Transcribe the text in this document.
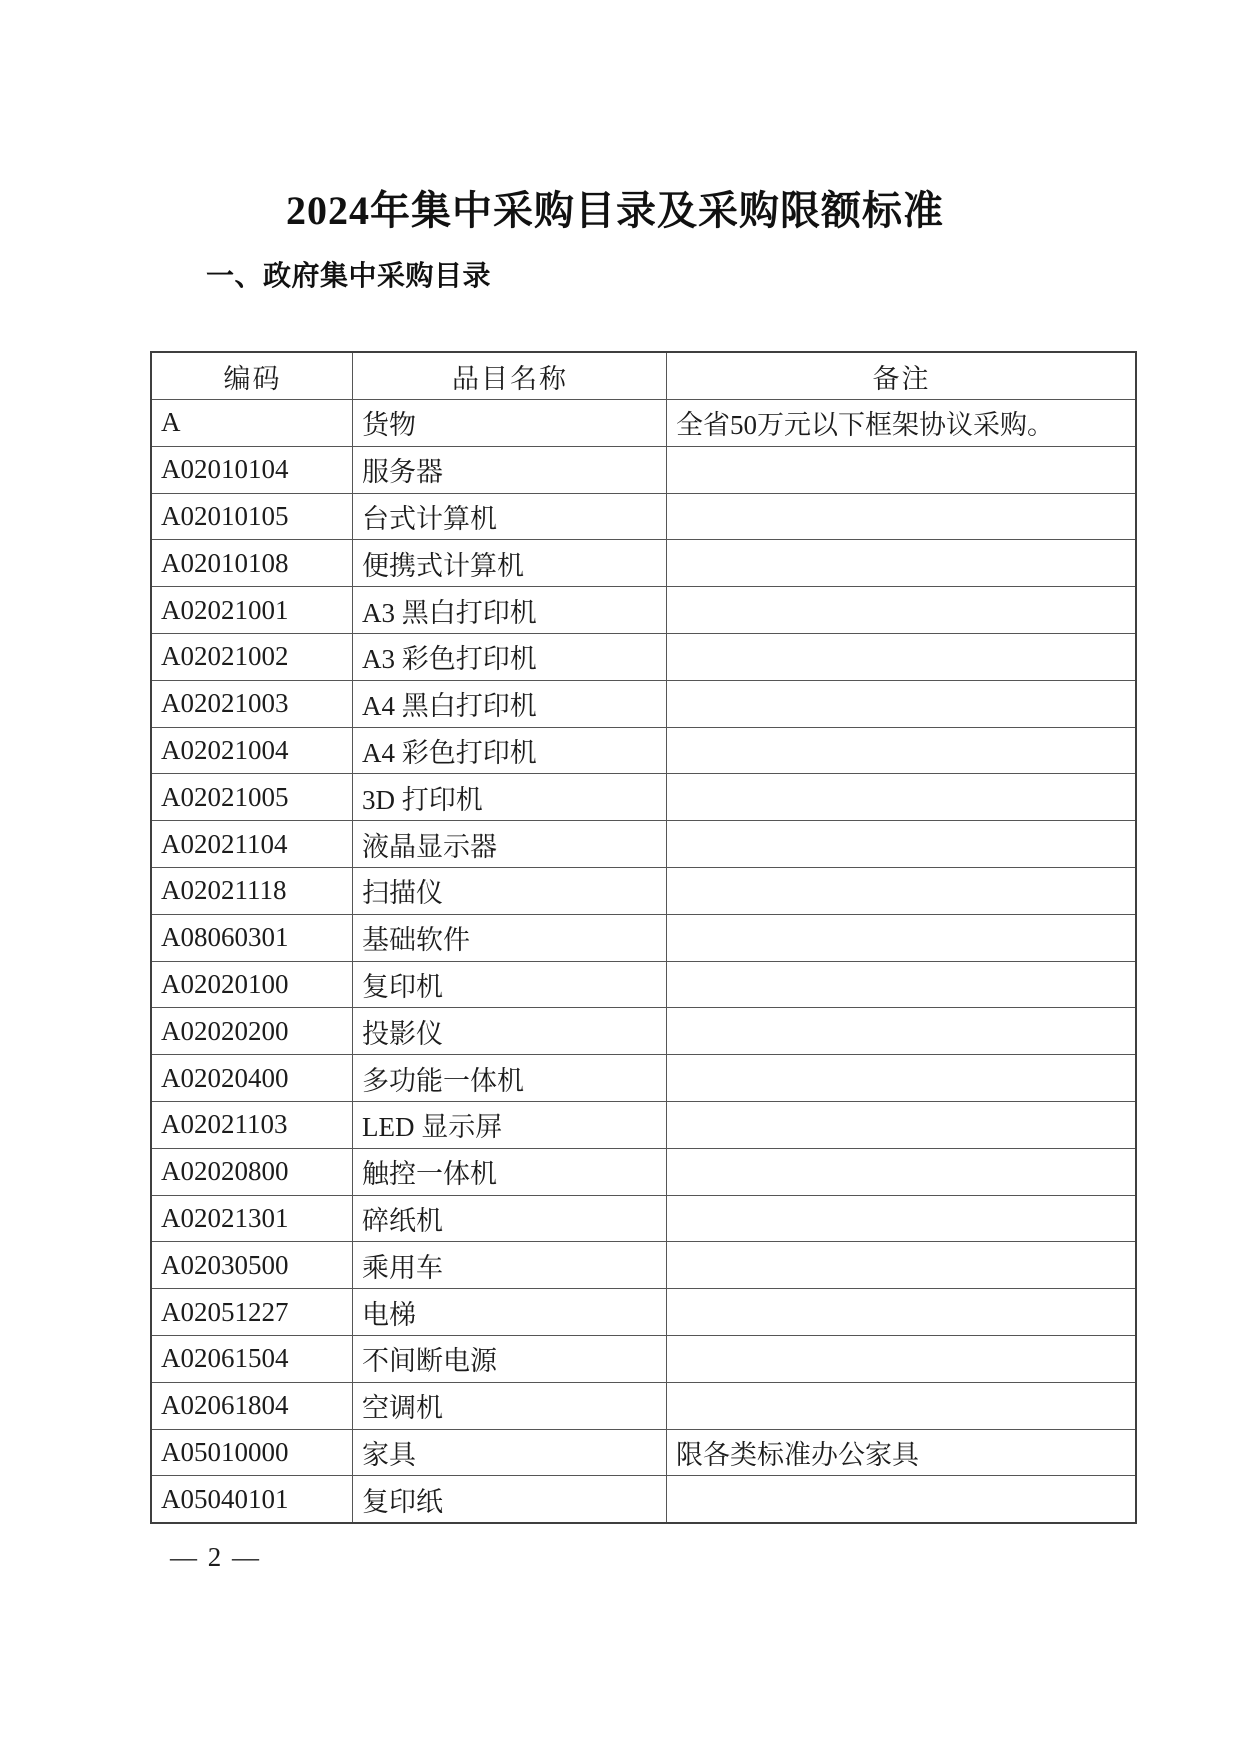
2024年集中采购目录及采购限额标准
一、政府集中采购目录
编码	品目名称	备注
A	货物	全省50万元以下框架协议采购。
A02010104	服务器	
A02010105	台式计算机	
A02010108	便携式计算机	
A02021001	A3 黑白打印机	
A02021002	A3 彩色打印机	
A02021003	A4 黑白打印机	
A02021004	A4 彩色打印机	
A02021005	3D 打印机	
A02021104	液晶显示器	
A02021118	扫描仪	
A08060301	基础软件	
A02020100	复印机	
A02020200	投影仪	
A02020400	多功能一体机	
A02021103	LED 显示屏	
A02020800	触控一体机	
A02021301	碎纸机	
A02030500	乘用车	
A02051227	电梯	
A02061504	不间断电源	
A02061804	空调机	
A05010000	家具	限各类标准办公家具
A05040101	复印纸	
— 2 —
